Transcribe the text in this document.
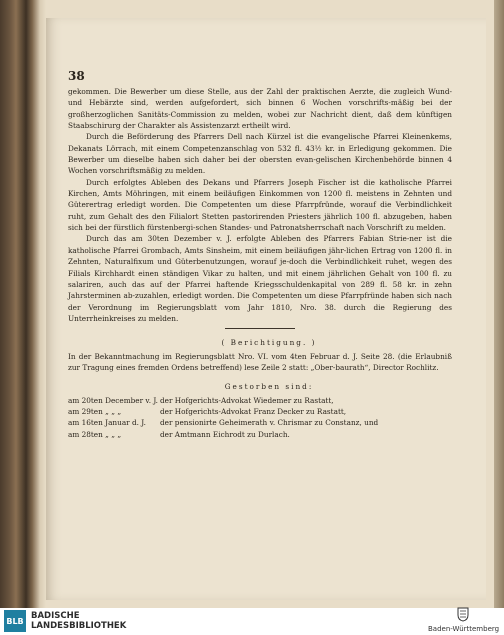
38

gekommen. Die Bewerber um diese Stelle, aus der Zahl der praktischen Aerzte, die zugleich Wund- und Hebärzte sind, werden aufgefordert, sich binnen 6 Wochen vorschrifts-mäßig bei der großherzoglichen Sanitäts-Commission zu melden, wobei zur Nachricht dient, daß dem künftigen Staabschirurg der Charakter als Assistenzarzt ertheilt wird.

Durch die Beförderung des Pfarrers Dell nach Kürzel ist die evangelische Pfarrei Kleinenkems, Dekanats Lörrach, mit einem Competenzanschlag von 532 fl. 43½ kr. in Erledigung gekommen. Die Bewerber um dieselbe haben sich daher bei der obersten evan-gelischen Kirchenbehörde binnen 4 Wochen vorschriftsmäßig zu melden.

Durch erfolgtes Ableben des Dekans und Pfarrers Joseph Fischer ist die katholische Pfarrei Kirchen, Amts Möhringen, mit einem beiläufigen Einkommen von 1200 fl. meistens in Zehnten und Güterertrag erledigt worden. Die Competenten um diese Pfarrpfründe, worauf die Verbindlichkeit ruht, zum Gehalt des den Filialort Stetten pastorirenden Priesters jährlich 100 fl. abzugeben, haben sich bei der fürstlich fürstenbergi-schen Standes- und Patronatsherrschaft nach Vorschrift zu melden.

Durch das am 30ten Dezember v. J. erfolgte Ableben des Pfarrers Fabian Strie-ner ist die katholische Pfarrei Grombach, Amts Sinsheim, mit einem beiläufigen jähr-lichen Ertrag von 1200 fl. in Zehnten, Naturalfixum und Güterbenutzungen, worauf je-doch die Verbindlichkeit ruhet, wegen des Filials Kirchhardt einen ständigen Vikar zu halten, und mit einem jährlichen Gehalt von 100 fl. zu salariren, auch das auf der Pfarrei haftende Kriegsschuldenkapital von 289 fl. 58 kr. in zehn Jahrsterminen ab-zuzahlen, erledigt worden. Die Competenten um diese Pfarrpfründe haben sich nach der Verordnung im Regierungsblatt vom Jahr 1810, Nro. 38. durch die Regierung des Unterrheinkreises zu melden.

( Berichtigung. )

In der Bekanntmachung im Regierungsblatt Nro. VI. vom 4ten Februar d. J. Seite 28. (die Erlaubniß zur Tragung eines fremden Ordens betreffend) lese Zeile 2 statt: „Ober-baurath“, Director Rochlitz.

Gestorben sind:

am 20ten December v. J. der Hofgerichts-Advokat Wiedemer zu Rastatt,
am 29ten „ „ „	der Hofgerichts-Advokat Franz Decker zu Rastatt,
am 16ten Januar d. J.	der pensionirte Geheimerath v. Chrismar zu Constanz, und
am 28ten „ „ „	der Amtmann Eichrodt zu Durlach.
BLB BADISCHE
LANDESBIBLIOTHEK	Baden-Württemberg
